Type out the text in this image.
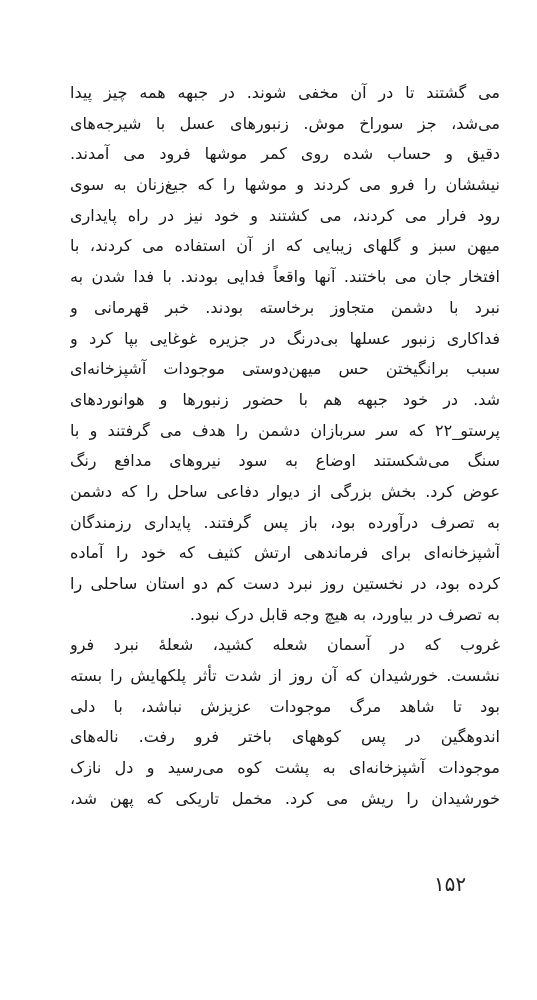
می گشتند تا در آن مخفی شوند. در جبهه همه چیز پیدا
می‌شد، جز سوراخ موش. زنبورهای عسل با شیرجه‌های
دقیق و حساب شده روی کمر موشها فرود می آمدند.
نیششان را فرو می کردند و موشها را که جیغ‌زنان به سوی
رود فرار می کردند، می کشتند و خود نیز در راه پایداری
میهن سبز و گلهای زیبایی که از آن استفاده می کردند، با
افتخار جان می باختند. آنها واقعاً فدایی بودند. با فدا شدن به
نبرد با دشمن متجاوز برخاسته بودند. خبر قهرمانی و
فداکاری زنبور عسلها بی‌درنگ در جزیره غوغایی بپا کرد و
سبب برانگیختن حس میهن‌دوستی موجودات آشپزخانه‌ای
شد. در خود جبهه هم با حضور زنبورها و هوانوردهای
پرستو_۲۲ که سر سربازان دشمن را هدف می گرفتند و با
سنگ می‌شکستند اوضاع به سود نیروهای مدافع رنگ
عوض کرد. بخش بزرگی از دیوار دفاعی ساحل را که دشمن
به تصرف درآورده بود، باز پس گرفتند. پایداری رزمندگان
آشپزخانه‌ای برای فرماندهی ارتش کثیف که خود را آماده
کرده بود، در نخستین روز نبرد دست کم دو استان ساحلی را
به تصرف در بیاورد، به هیچ وجه قابل درک نبود.
غروب که در آسمان شعله کشید، شعلهٔ نبرد فرو
نشست. خورشیدان که آن روز از شدت تأثر پلکهایش را بسته
بود تا شاهد مرگ موجودات عزیزش نباشد، با دلی
اندوهگین در پس کوههای باختر فرو رفت. ناله‌های
موجودات آشپزخانه‌ای به پشت کوه می‌رسید و دل نازک
خورشیدان را ریش می کرد. مخمل تاریکی که پهن شد،
۱۵۲
